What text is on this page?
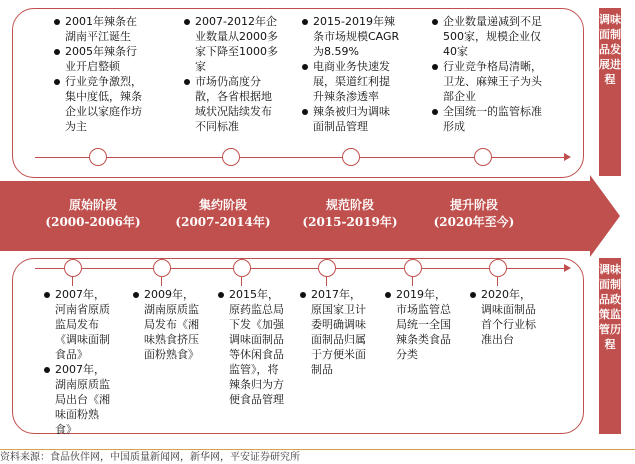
2001年辣条在湖南平江诞生

2005年辣条行业开启整顿

行业竞争激烈，集中度低，辣条企业以家庭作坊为主

2007-2012年企业数量从2000多家下降至1000多家

市场仍高度分散，各省根据地域状况陆续发布不同标准

2015-2019年辣条市场规模CAGR为8.59%

电商业务快速发展，渠道红利提升辣条渗透率

辣条被归为调味面制品管理

企业数量递减到不足500家，规模企业仅40家

行业竞争格局清晰，卫龙、麻辣王子为头部企业

全国统一的监管标准形成

原始阶段
(2000-2006年)
集约阶段
(2007-2014年)
规范阶段
(2015-2019年)
提升阶段
(2020年至今)

2007年，河南省原质监局发布《调味面制食品》

2007年，湖南原质监局出台《湘味面粉熟食》

2009年，湖南原质监局发布《湘味熟食挤压面粉熟食》

2015年，原药监总局下发《加强调味面制品等休闲食品监管》，将辣条归为方便食品管理

2017年，原国家卫计委明确调味面制品归属于方便米面制品

2019年，市场监管总局统一全国辣条类食品分类

2020年，调味面制品首个行业标准出台

调味面制品发展进程
调味面制品政策监管历程
资料来源：食品伙伴网，中国质量新闻网，新华网，平安证券研究所
